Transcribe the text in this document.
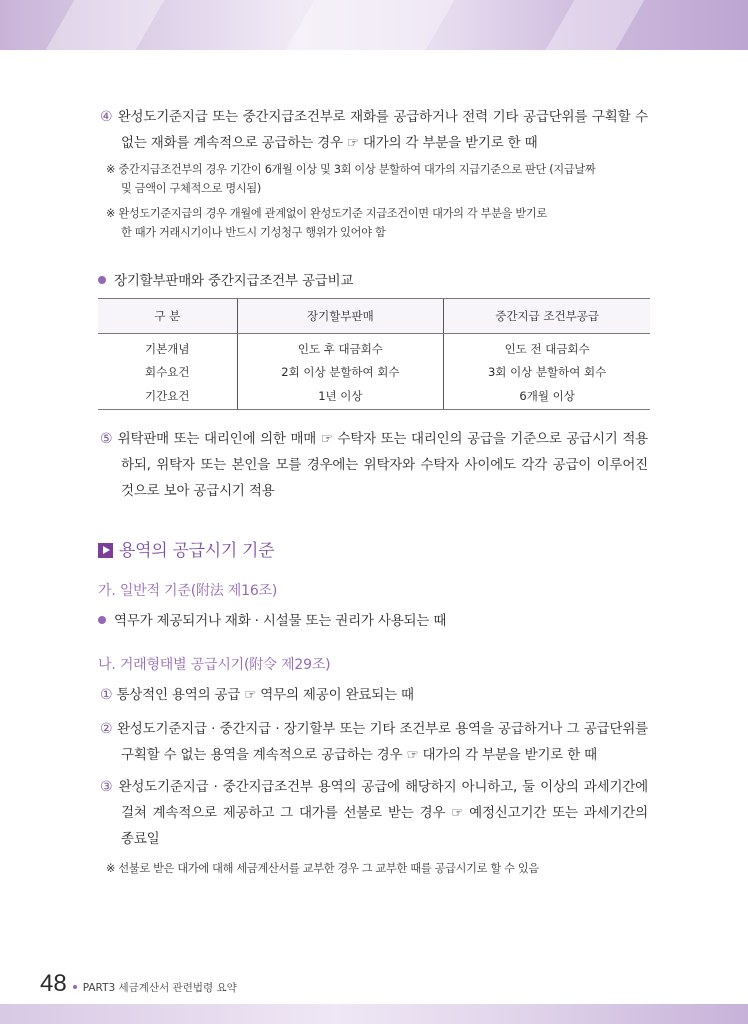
④ 완성도기준지급 또는 중간지급조건부로 재화를 공급하거나 전력 기타 공급단위를 구획할 수
없는 재화를 계속적으로 공급하는 경우 ☞ 대가의 각 부분을 받기로 한 때
※ 중간지급조건부의 경우 기간이 6개월 이상 및 3회 이상 분할하여 대가의 지급기준으로 판단 (지급날짜
및 금액이 구체적으로 명시됨)
※ 완성도기준지급의 경우 개월에 관계없이 완성도기준 지급조건이면 대가의 각 부분을 받기로
한 때가 거래시기이나 반드시 기성청구 행위가 있어야 함
장기할부판매와 중간지급조건부 공급비교
구 분	장기할부판매	중간지급 조건부공급
기본개념	인도 후 대금회수	인도 전 대금회수
회수요건	2회 이상 분할하여 회수	3회 이상 분할하여 회수
기간요건	1년 이상	6개월 이상
⑤ 위탁판매 또는 대리인에 의한 매매 ☞ 수탁자 또는 대리인의 공급을 기준으로 공급시기 적용
하되, 위탁자 또는 본인을 모를 경우에는 위탁자와 수탁자 사이에도 각각 공급이 이루어진
것으로 보아 공급시기 적용
용역의 공급시기 기준
가. 일반적 기준(附法 제16조)
역무가 제공되거나 재화 · 시설물 또는 권리가 사용되는 때
나. 거래형태별 공급시기(附令 제29조)
① 통상적인 용역의 공급 ☞ 역무의 제공이 완료되는 때
② 완성도기준지급 · 중간지급 · 장기할부 또는 기타 조건부로 용역을 공급하거나 그 공급단위를
구획할 수 없는 용역을 계속적으로 공급하는 경우 ☞ 대가의 각 부분을 받기로 한 때
③ 완성도기준지급 · 중간지급조건부 용역의 공급에 해당하지 아니하고, 둘 이상의 과세기간에
걸쳐 계속적으로 제공하고 그 대가를 선불로 받는 경우 ☞ 예정신고기간 또는 과세기간의
종료일
※ 선불로 받은 대가에 대해 세금계산서를 교부한 경우 그 교부한 때를 공급시기로 할 수 있음
48 PART3 세금계산서 관련법령 요약
